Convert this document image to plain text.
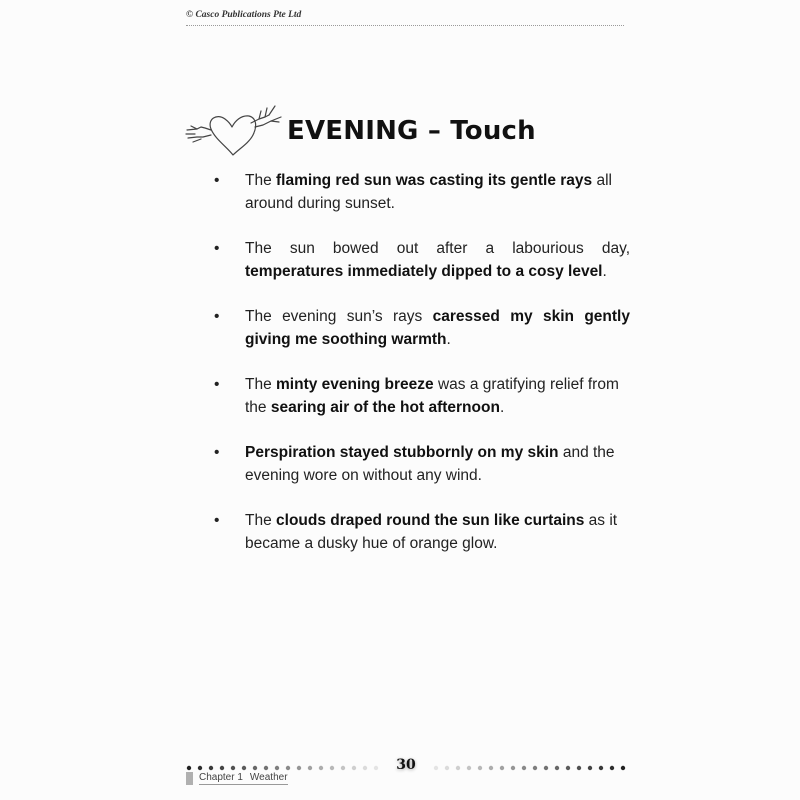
© Casco Publications Pte Ltd
EVENING – Touch
• The flaming red sun was casting its gentle rays all around during sunset.
• The sun bowed out after a labourious day, temperatures immediately dipped to a cosy level.
• The evening sun’s rays caressed my skin gently giving me soothing warmth.
• The minty evening breeze was a gratifying relief from the searing air of the hot afternoon.
• Perspiration stayed stubbornly on my skin and the evening wore on without any wind.
• The clouds draped round the sun like curtains as it became a dusky hue of orange glow.
30
Chapter 1 Weather
